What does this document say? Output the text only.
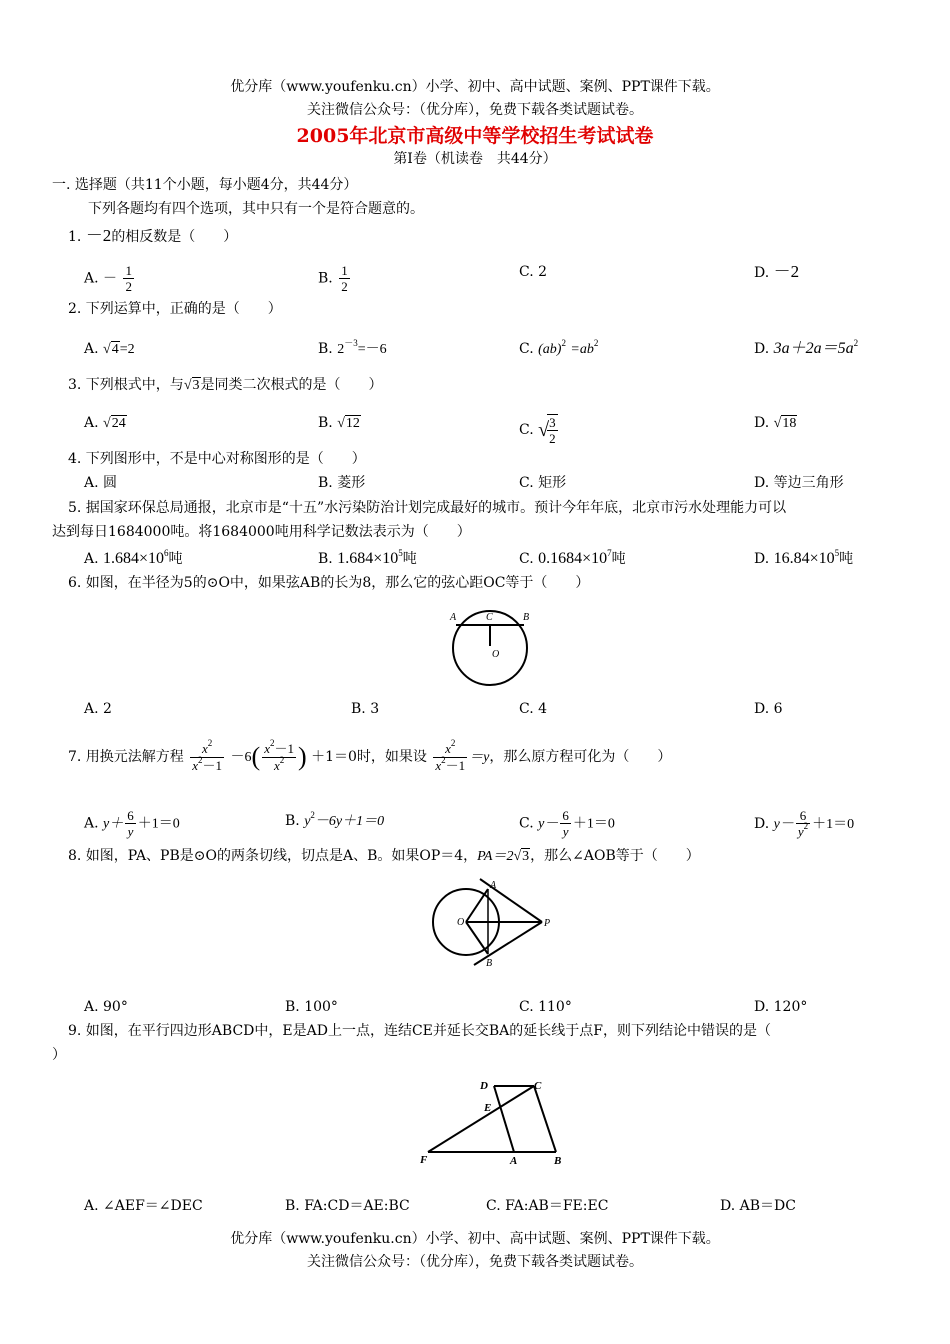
优分库（www.youfenku.cn）小学、初中、高中试题、案例、PPT课件下载。
关注微信公众号：（优分库），免费下载各类试题试卷。
2005年北京市高级中等学校招生考试试卷
第Ⅰ卷（机读卷　共44分）
一. 选择题（共11个小题，每小题4分，共44分）
下列各题均有四个选项，其中只有一个是符合题意的。
1. －2的相反数是（　　）
A. － $\frac{1}{2}$	B. $\frac{1}{2}$	C. 2	D. －2
2. 下列运算中，正确的是（　　）
A. √4=2	B. $2^{-3}=-6$	C. $(ab)^2 =ab^2$	D. $3a+2a=5a^2$
3. 下列根式中，与√3是同类二次根式的是（　　）
A. √24	B. √12	C. √
$\frac{3}{2}$	D. √18
4. 下列图形中，不是中心对称图形的是（　　）
A. 圆	B. 菱形	C. 矩形	D. 等边三角形
5. 据国家环保总局通报，北京市是“十五”水污染防治计划完成最好的城市。预计今年年底，北京市污水处理能力可以
达到每日1684000吨。将1684000吨用科学记数法表示为（　　）
A. $1.684\times 10^6$吨	B. $1.684\times 10^5$吨	C. $0.1684\times 10^7$吨	D. $16.84\times 10^5$吨
6. 如图，在半径为5的⊙O中，如果弦AB的长为8，那么它的弦心距OC等于（　　）
A	C	B
O
A. 2	B. 3	C. 4	D. 6
7. 用换元法解方程 $\frac{x^2}{x^2-1} -6( \frac{x^2-1}{x^2}$ ) ＋1＝0时，如果设 $\frac{x^2}{x^2-1} =y$，那么原方程可化为（　　）
A. $y+ \frac{6}{y} +1=0$	B. $y^2-6y+1=0$	C. $y- \frac{6}{y} +1=0$	D. $y- \frac{6}{y^2} +1=0$
8. 如图，PA、PB是⊙O的两条切线，切点是A、B。如果OP＝4，PA＝2√3，那么∠AOB等于（　　）
A
O	P
B
A. 90°	B. 100°	C. 110°	D. 120°
9. 如图，在平行四边形ABCD中，E是AD上一点，连结CE并延长交BA的延长线于点F，则下列结论中错误的是（
）
D	C
E
F	A	B
A. ∠AEF＝∠DEC	B. FA:CD＝AE:BC	C. FA:AB＝FE:EC	D. AB＝DC
优分库（www.youfenku.cn）小学、初中、高中试题、案例、PPT课件下载。
关注微信公众号：（优分库），免费下载各类试题试卷。
